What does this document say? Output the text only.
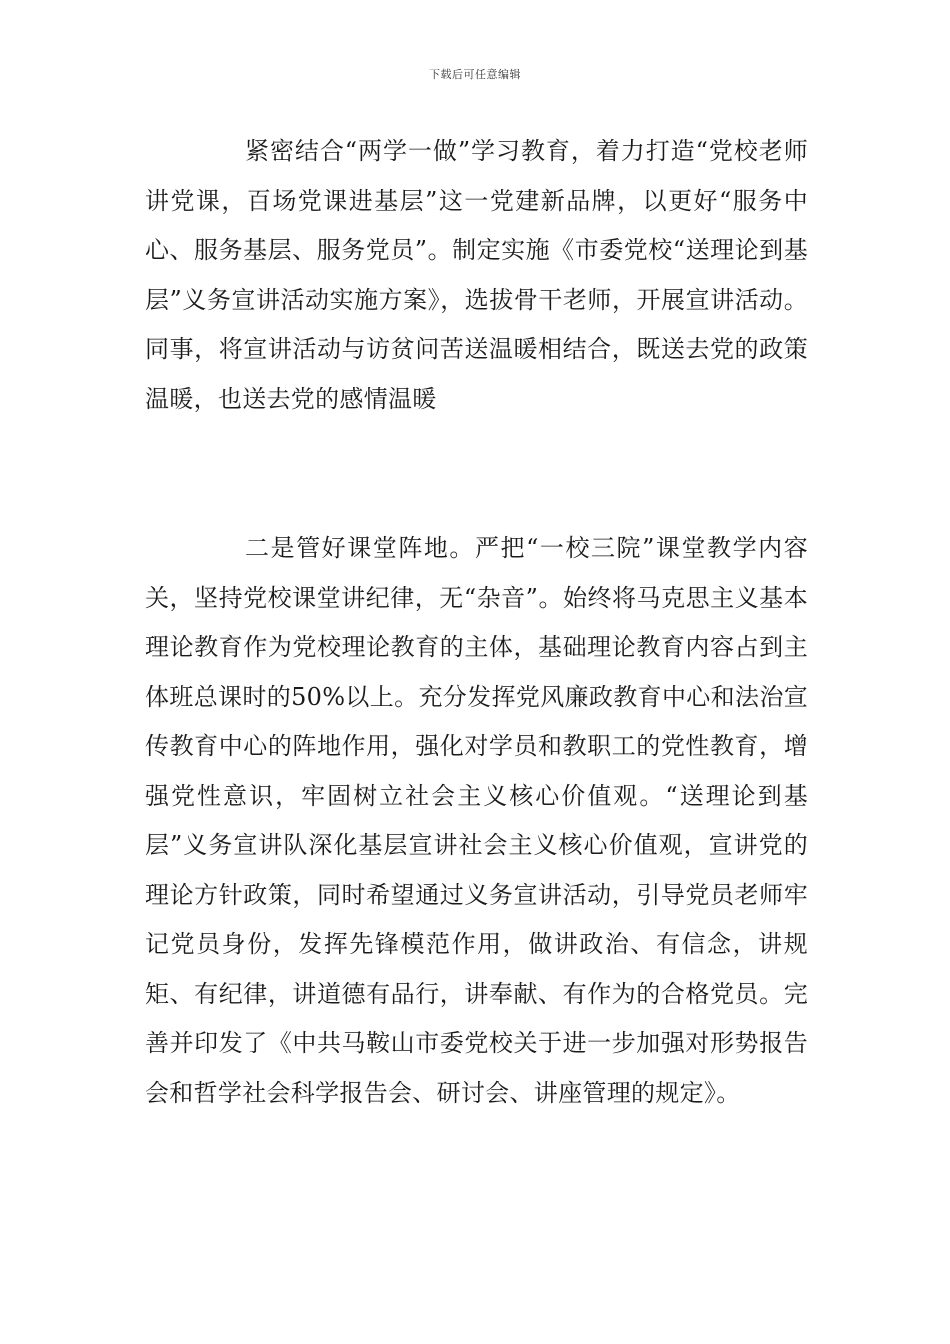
下载后可任意编辑

紧密结合“两学一做”学习教育，着力打造“党校老师讲党课，百场党课进基层”这一党建新品牌，以更好“服务中心、服务基层、服务党员”。制定实施《市委党校“送理论到基层”义务宣讲活动实施方案》，选拔骨干老师，开展宣讲活动。同事，将宣讲活动与访贫问苦送温暖相结合，既送去党的政策温暖，也送去党的感情温暖

二是管好课堂阵地。严把“一校三院”课堂教学内容关，坚持党校课堂讲纪律，无“杂音”。始终将马克思主义基本理论教育作为党校理论教育的主体，基础理论教育内容占到主体班总课时的50%以上。充分发挥党风廉政教育中心和法治宣传教育中心的阵地作用，强化对学员和教职工的党性教育，增强党性意识，牢固树立社会主义核心价值观。“送理论到基层”义务宣讲队深化基层宣讲社会主义核心价值观，宣讲党的理论方针政策，同时希望通过义务宣讲活动，引导党员老师牢记党员身份，发挥先锋模范作用，做讲政治、有信念，讲规矩、有纪律，讲道德有品行，讲奉献、有作为的合格党员。完善并印发了《中共马鞍山市委党校关于进一步加强对形势报告会和哲学社会科学报告会、研讨会、讲座管理的规定》。
